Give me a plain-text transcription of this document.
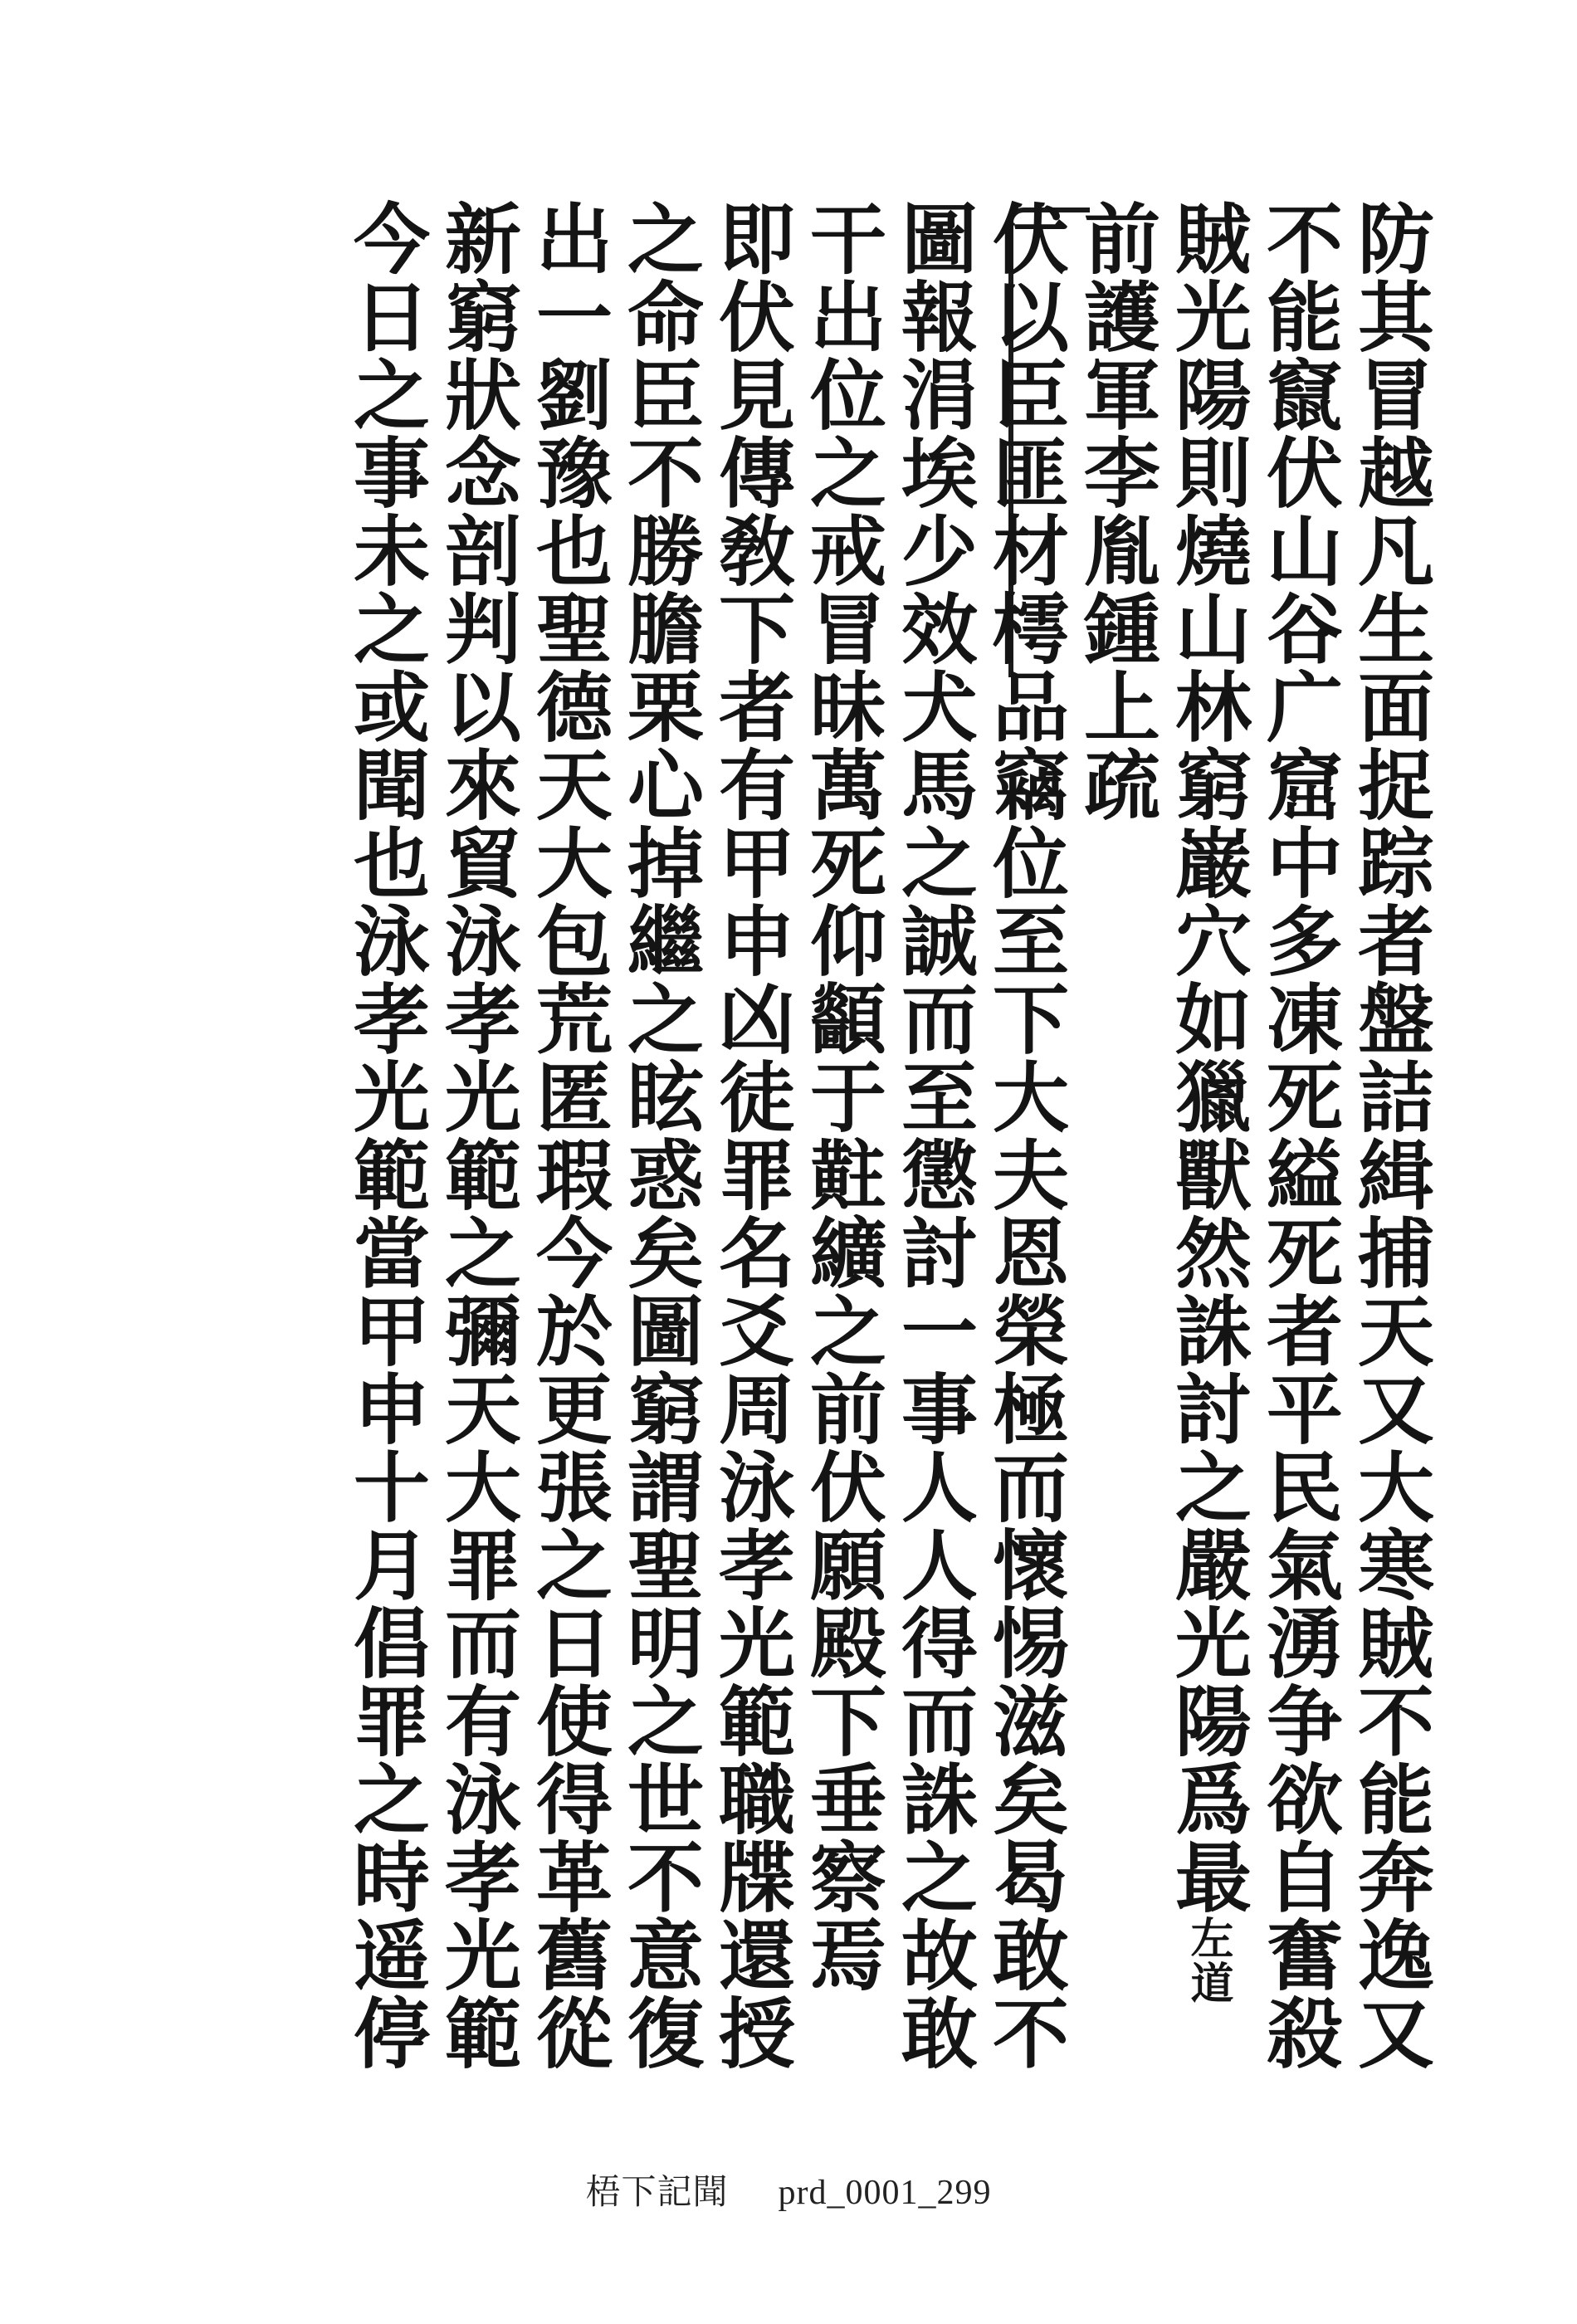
防其冒越凡生面捉踪者盤詰緝捕天又大寒賊不能奔逸又
不能竄伏山谷广窟中多凍死縊死者平民氣湧争欲自奮殺
賊光陽則燒山林窮巌穴如獵獸然誅討之嚴光陽爲最左道
前護軍李胤鍾上疏
伏以臣匪材樗品竊位至下大夫恩榮極而懷惕滋矣曷敢不
圖報涓埃少效犬馬之誠而至懲討一事人人得而誅之故敢
干出位之戒冒昧萬死仰顲于黈纊之前伏願殿下垂察焉
即伏見傳敎下者有甲申凶徒罪名爻周泳孝光範職牒還授
之命臣不勝膽栗心掉繼之眩惑矣圖窮謂聖明之世不意復
出一劉豫也聖德天大包荒匿瑕今於更張之日使得革舊從
新窮狀念剖判以來貿泳孝光範之彌天大罪而有泳孝光範
今日之事未之或聞也泳孝光範當甲申十月倡罪之時遥停
梧下記聞 prd_0001_299
